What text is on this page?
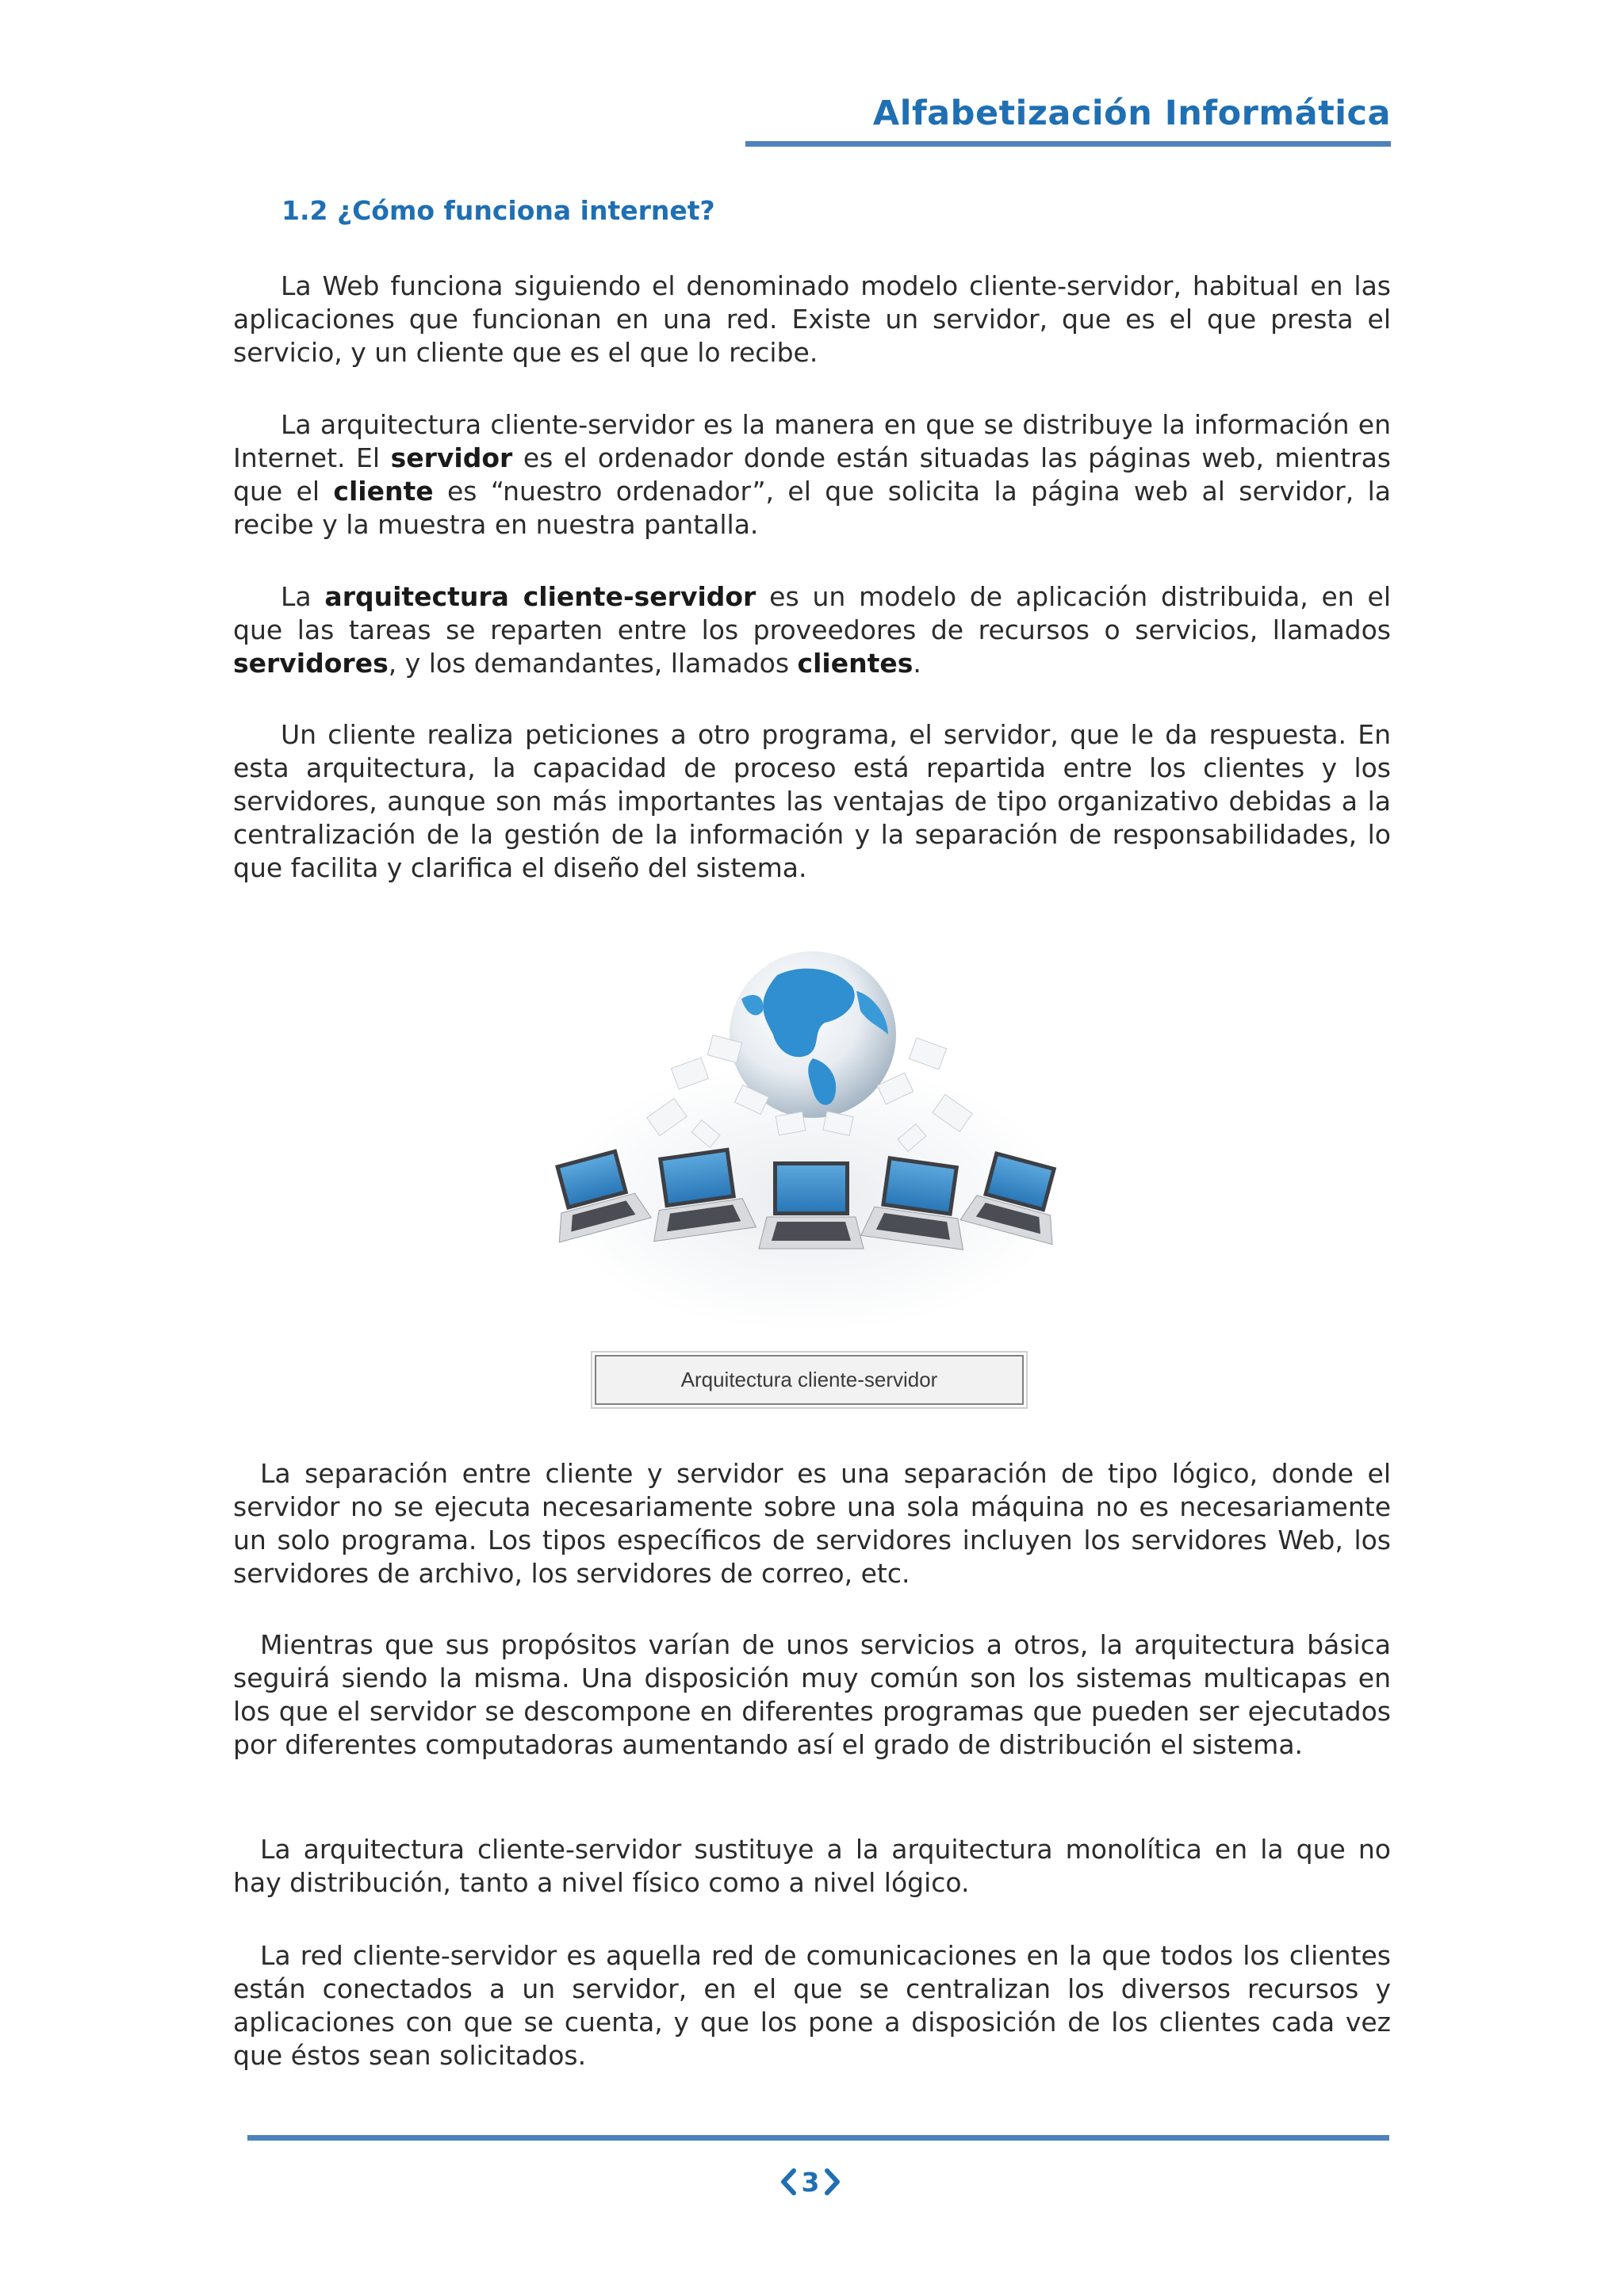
Alfabetización Informática
1.2 ¿Cómo funciona internet?

La Web funciona siguiendo el denominado modelo cliente-servidor, habitual en las aplicaciones que funcionan en una red. Existe un servidor, que es el que presta el servicio, y un cliente que es el que lo recibe.

La arquitectura cliente-servidor es la manera en que se distribuye la información en Internet. El servidor es el ordenador donde están situadas las páginas web, mientras que el cliente es “nuestro ordenador”, el que solicita la página web al servidor, la recibe y la muestra en nuestra pantalla.

La arquitectura cliente-servidor es un modelo de aplicación distribuida, en el que las tareas se reparten entre los proveedores de recursos o servicios, llamados servidores, y los demandantes, llamados clientes.

Un cliente realiza peticiones a otro programa, el servidor, que le da respuesta. En esta arquitectura, la capacidad de proceso está repartida entre los clientes y los servidores, aunque son más importantes las ventajas de tipo organizativo debidas a la centralización de la gestión de la información y la separación de responsabilidades, lo que facilita y clarifica el diseño del sistema.

Arquitectura cliente-servidor

La separación entre cliente y servidor es una separación de tipo lógico, donde el servidor no se ejecuta necesariamente sobre una sola máquina no es necesariamente un solo programa. Los tipos específicos de servidores incluyen los servidores Web, los servidores de archivo, los servidores de correo, etc.

Mientras que sus propósitos varían de unos servicios a otros, la arquitectura básica seguirá siendo la misma. Una disposición muy común son los sistemas multicapas en los que el servidor se descompone en diferentes programas que pueden ser ejecutados por diferentes computadoras aumentando así el grado de distribución el sistema.

La arquitectura cliente-servidor sustituye a la arquitectura monolítica en la que no hay distribución, tanto a nivel físico como a nivel lógico.

La red cliente-servidor es aquella red de comunicaciones en la que todos los clientes están conectados a un servidor, en el que se centralizan los diversos recursos y aplicaciones con que se cuenta, y que los pone a disposición de los clientes cada vez que éstos sean solicitados.

3
